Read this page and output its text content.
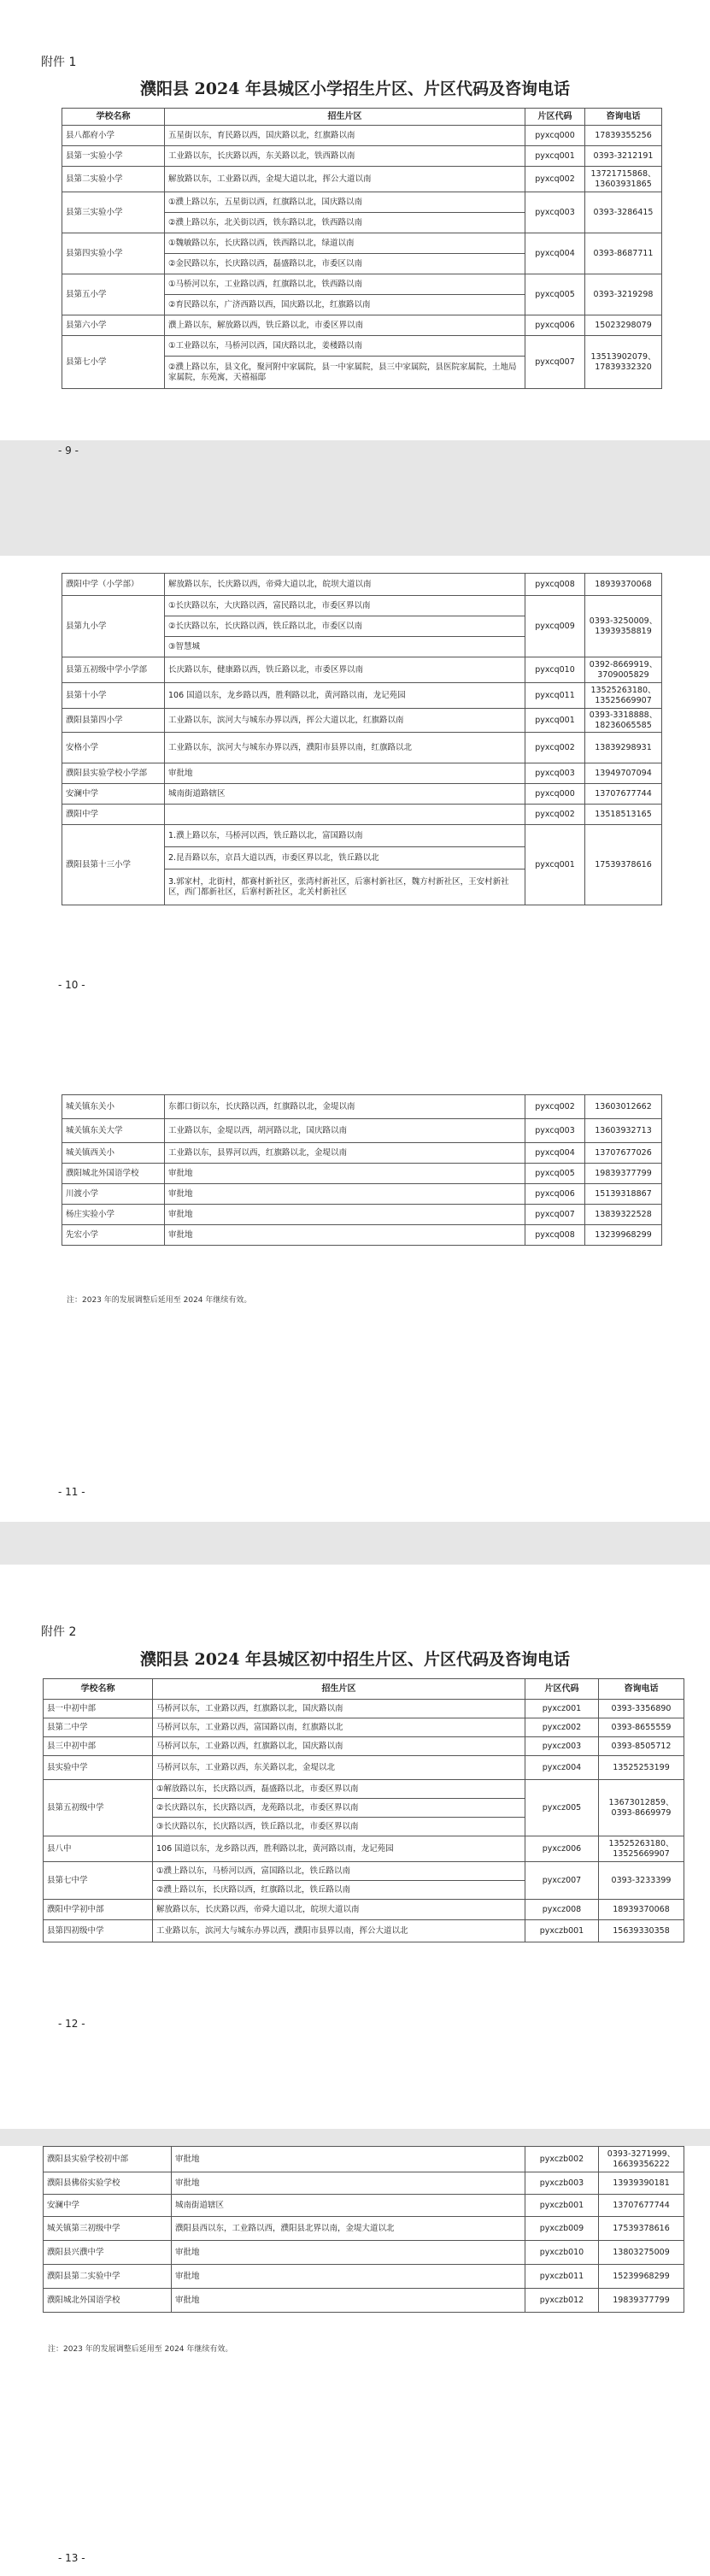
附件 1
濮阳县 2024 年县城区小学招生片区、片区代码及咨询电话
学校名称	招生片区	片区代码	咨询电话
县八都府小学	五星街以东，育民路以西，国庆路以北，红旗路以南	pyxcq000	17839355256
县第一实验小学	工业路以东，长庆路以西，东关路以北，铁西路以南	pyxcq001	0393-3212191
县第二实验小学	解放路以东，工业路以西，金堤大道以北，挥公大道以南	pyxcq002	13721715868、13603931865
县第三实验小学	①濮上路以东，五星街以西，红旗路以北，国庆路以南	pyxcq003	0393-3286415
	②濮上路以东，北关街以西，铁东路以北，铁西路以南		
县第四实验小学	①魏敏路以东，长庆路以西，铁西路以北，绿道以南	pyxcq004	0393-8687711
	②金民路以东，长庆路以西，磊盛路以北，市委区以南		
县第五小学	①马桥河以东，工业路以西，红旗路以北，铁西路以南	pyxcq005	0393-3219298
	②育民路以东，广济西路以西，国庆路以北，红旗路以南		
县第六小学	濮上路以东，解放路以西，铁丘路以北，市委区界以南	pyxcq006	15023298079
县第七小学	①工业路以东，马桥河以西，国庆路以北，姜楼路以南	pyxcq007	13513902079、17839332320
	②濮上路以东，县文化，聚河附中家属院，县一中家属院，县三中家属院，县医院家属院，土地局家属院，东苑寓，天禧福邸		
- 9 -
濮阳中学（小学部）	解放路以东，长庆路以西，帝舜大道以北，皖坝大道以南	pyxcq008	18939370068
县第九小学	①长庆路以东，大庆路以西，富民路以北，市委区界以南	pyxcq009	0393-3250009、13939358819
	②长庆路以东，长庆路以西，铁丘路以北，市委区以南		
	③智慧城		
县第五初级中学小学部	长庆路以东，健康路以西，铁丘路以北，市委区界以南	pyxcq010	0392-8669919、3709005829
县第十小学	106 国道以东，龙乡路以西，胜利路以北，黄河路以南，龙记苑园	pyxcq011	13525263180、13525669907
濮阳县第四小学	工业路以东，滨河大与城东办界以西，挥公大道以北，红旗路以南	pyxcq001	0393-3318888、18236065585
安格小学	工业路以东，滨河大与城东办界以西，濮阳市县界以南，红旗路以北	pyxcq002	13839298931
濮阳县实验学校小学部	审批地	pyxcq003	13949707094
安澜中学	城南街道路辖区	pyxcq000	13707677744
濮阳中学		pyxcq002	13518513165
濮阳县第十三小学	1.濮上路以东，马桥河以西，铁丘路以北，富国路以南	pyxcq001	17539378616
	2.昆吾路以东，京昌大道以西，市委区界以北，铁丘路以北		
	3.郭家村，北街村，都赛村新社区，张湾村新社区，后寨村新社区，魏方村新社区，王安村新社区，西门都新社区，后寨村新社区，北关村新社区		
- 10 -
城关镇东关小	东都口街以东，长庆路以西，红旗路以北，金堤以南	pyxcq002	13603012662
城关镇东关大学	工业路以东，金堤以西，胡河路以北，国庆路以南	pyxcq003	13603932713
城关镇西关小	工业路以东，县界河以西，红旗路以北，金堤以南	pyxcq004	13707677026
濮阳城北外国语学校	审批地	pyxcq005	19839377799
川渡小学	审批地	pyxcq006	15139318867
杨庄实验小学	审批地	pyxcq007	13839322528
先宏小学	审批地	pyxcq008	13239968299
注：2023 年的发展调整后延用至 2024 年继续有效。
- 11 -
附件 2
濮阳县 2024 年县城区初中招生片区、片区代码及咨询电话
学校名称	招生片区	片区代码	咨询电话
县一中初中部	马桥河以东，工业路以西，红旗路以北，国庆路以南	pyxcz001	0393-3356890
县第二中学	马桥河以东，工业路以西，富国路以南，红旗路以北	pyxcz002	0393-8655559
县三中初中部	马桥河以东，工业路以西，红旗路以北，国庆路以南	pyxcz003	0393-8505712
县实验中学	马桥河以东，工业路以西，东关路以北，金堤以北	pyxcz004	13525253199
县第五初级中学	①解放路以东，长庆路以西，磊盛路以北，市委区界以南	pyxcz005	13673012859、0393-8669979
	②长庆路以东，长庆路以西，龙苑路以北，市委区界以南		
	③长庆路以东，长庆路以西，铁丘路以北，市委区界以南		
县八中	106 国道以东，龙乡路以西，胜利路以北，黄河路以南，龙记苑园	pyxcz006	13525263180、13525669907
县第七中学	①濮上路以东，马桥河以西，富国路以北，铁丘路以南	pyxcz007	0393-3233399
	②濮上路以东，长庆路以西，红旗路以北，铁丘路以南		
濮阳中学初中部	解放路以东，长庆路以西，帝舜大道以北，皖坝大道以南	pyxcz008	18939370068
县第四初级中学	工业路以东，滨河大与城东办界以西，濮阳市县界以南，挥公大道以北	pyxczb001	15639330358
- 12 -
濮阳县实验学校初中部	审批地	pyxczb002	0393-3271999、16639356222
濮阳县佛俗实验学校	审批地	pyxczb003	13939390181
安澜中学	城南街道辖区	pyxczb001	13707677744
城关镇第三初级中学	濮阳县西以东，工业路以西，濮阳县北界以南，金堤大道以北	pyxczb009	17539378616
濮阳县兴濮中学	审批地	pyxczb010	13803275009
濮阳县第二实验中学	审批地	pyxczb011	15239968299
濮阳城北外国语学校	审批地	pyxczb012	19839377799
注：2023 年的发展调整后延用至 2024 年继续有效。
- 13 -
